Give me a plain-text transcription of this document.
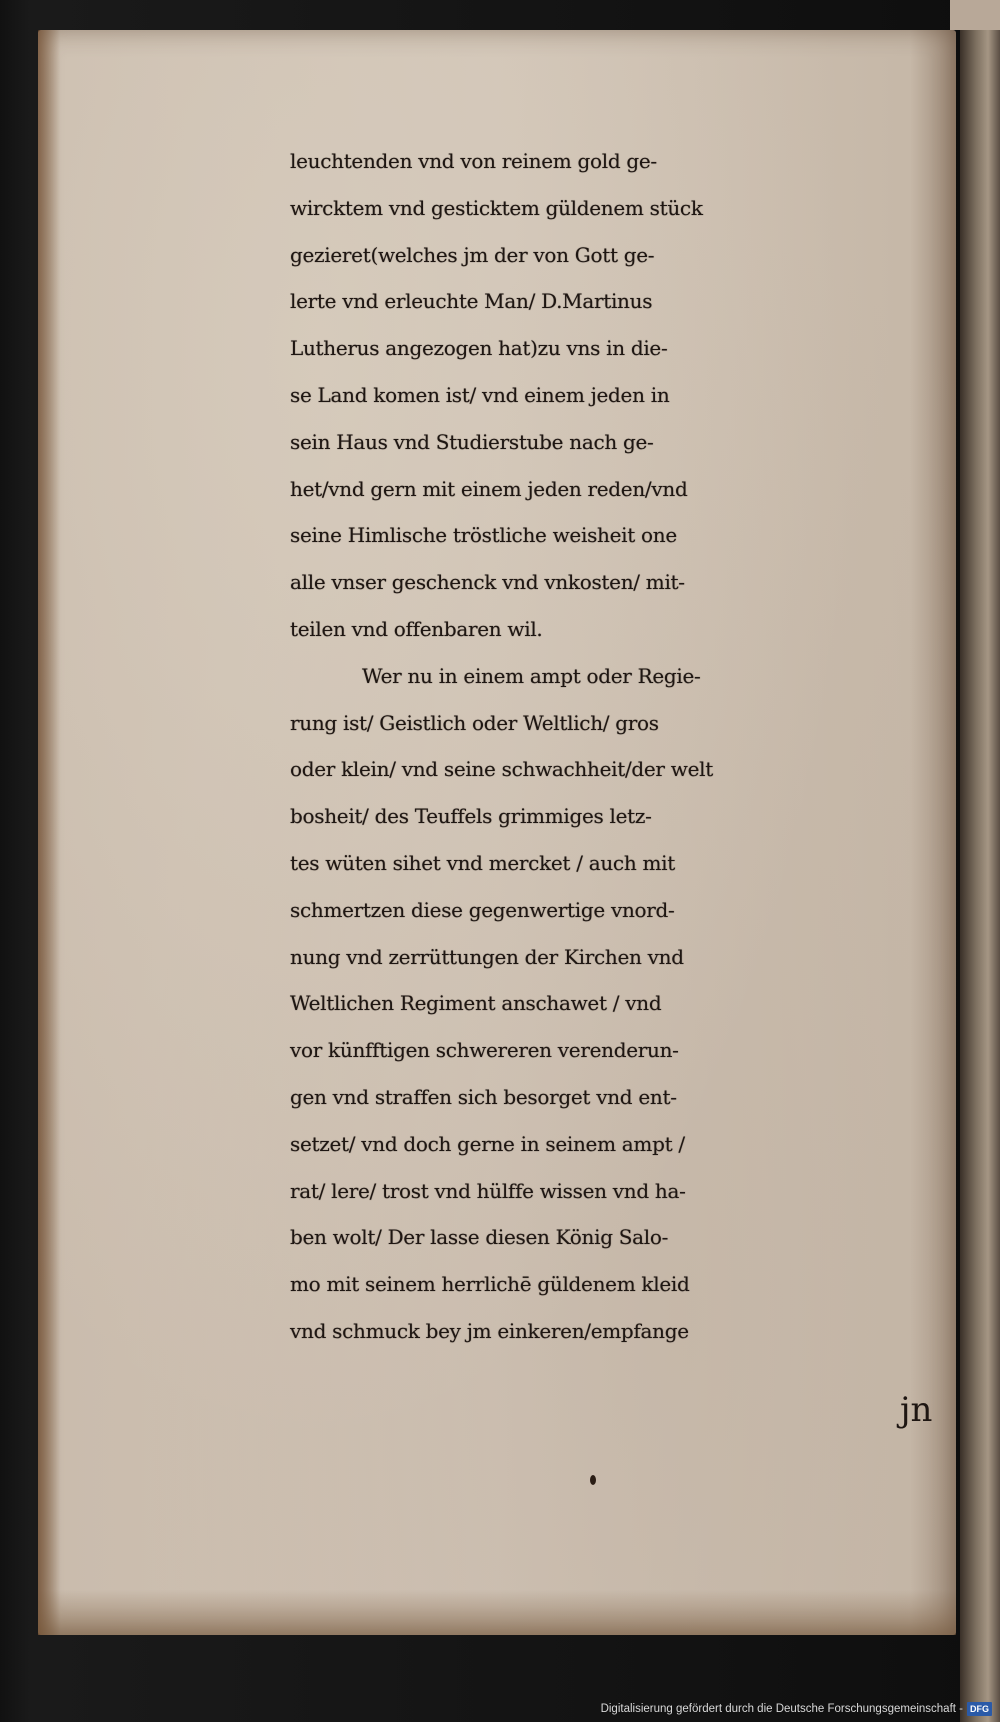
leuchtenden vnd von reinem gold ge-
wircktem vnd gesticktem güldenem stück
gezieret(welches jm der von Gott ge-
lerte vnd erleuchte Man/ D.Martinus
Lutherus angezogen hat)zu vns in die-
se Land komen ist/ vnd einem jeden in
sein Haus vnd Studierstube nach ge-
het/vnd gern mit einem jeden reden/vnd
seine Himlische tröstliche weisheit one
alle vnser geschenck vnd vnkosten/ mit-
teilen vnd offenbaren wil.
Wer nu in einem ampt oder Regie-
rung ist/ Geistlich oder Weltlich/ gros
oder klein/ vnd seine schwachheit/der welt
bosheit/ des Teuffels grimmiges letz-
tes wüten sihet vnd mercket / auch mit
schmertzen diese gegenwertige vnord-
nung vnd zerrüttungen der Kirchen vnd
Weltlichen Regiment anschawet / vnd
vor künfftigen schwereren verenderun-
gen vnd straffen sich besorget vnd ent-
setzet/ vnd doch gerne in seinem ampt /
rat/ lere/ trost vnd hülffe wissen vnd ha-
ben wolt/ Der lasse diesen König Salo-
mo mit seinem herrlichē güldenem kleid
vnd schmuck bey jm einkeren/empfange
jn
Digitalisierung gefördert durch die Deutsche Forschungsgemeinschaft - DFG
